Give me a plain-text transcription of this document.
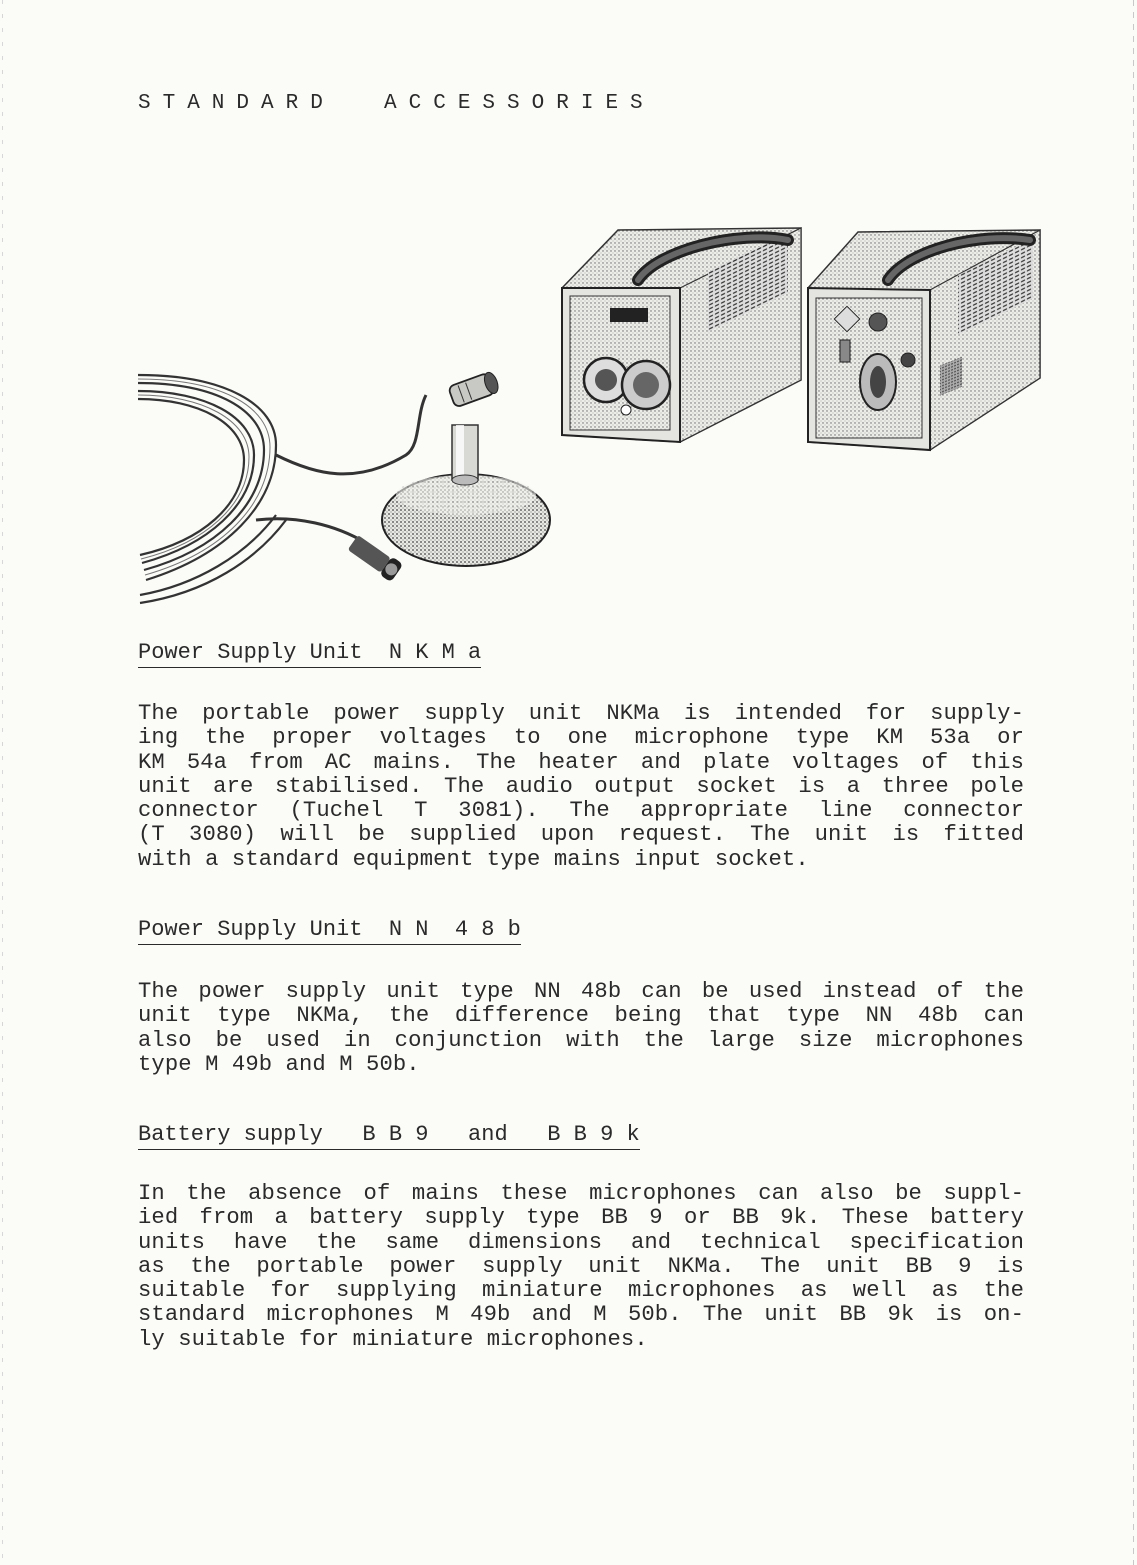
STANDARD  ACCESSORIES
Power Supply Unit  N K M a
The portable power supply unit NKMa is intended for supply-
ing the proper voltages to one microphone type KM 53a or
KM 54a from AC mains. The heater and plate voltages of this
unit are stabilised. The audio output socket is a three pole
connector (Tuchel T 3081). The appropriate line connector
(T 3080) will be supplied upon request. The unit is fitted
with a standard equipment type mains input socket.
Power Supply Unit  N N  4 8 b
The power supply unit type NN 48b can be used instead of the
unit type NKMa, the difference being that type NN 48b can
also be used in conjunction with the large size microphones
type M 49b and M 50b.
Battery supply   B B 9   and   B B 9 k
In the absence of mains these microphones can also be suppl-
ied from a battery supply type BB 9 or BB 9k. These battery
units have the same dimensions and technical specification
as the portable power supply unit NKMa. The unit BB 9 is
suitable for supplying miniature microphones as well as the
standard microphones M 49b and M 50b. The unit BB 9k is on-
ly suitable for miniature microphones.
